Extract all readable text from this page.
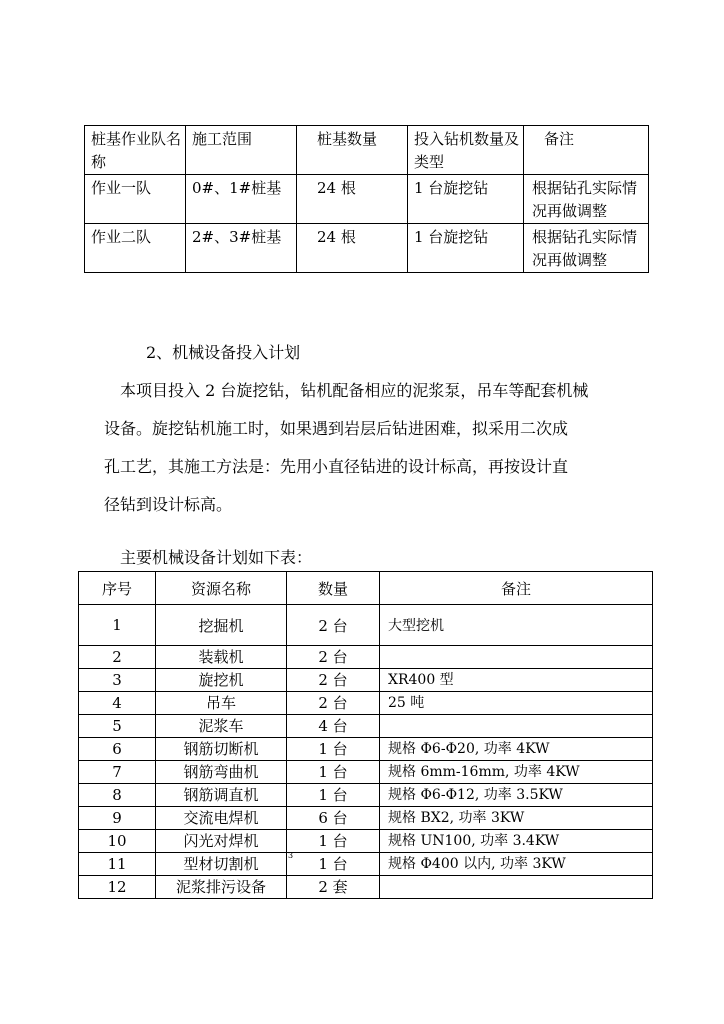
桩基作业队名称	施工范围	桩基数量	投入钻机数量及类型	备注
作业一队	0#、1#桩基	24 根	1 台旋挖钻	根据钻孔实际情况再做调整
作业二队	2#、3#桩基	24 根	1 台旋挖钻	根据钻孔实际情况再做调整
2、机械设备投入计划
本项目投入 2 台旋挖钻，钻机配备相应的泥浆泵，吊车等配套机械
设备。旋挖钻机施工时，如果遇到岩层后钻进困难，拟采用二次成
孔工艺，其施工方法是：先用小直径钻进的设计标高，再按设计直
径钻到设计标高。
主要机械设备计划如下表：
序号	资源名称	数量	备注
1	挖掘机	2 台	大型挖机
2	装载机	2 台	
3	旋挖机	2 台	XR400 型
4	吊车	2 台	25 吨
5	泥浆车	4 台	
6	钢筋切断机	1 台	规格 Φ6-Φ20, 功率 4KW
7	钢筋弯曲机	1 台	规格 6mm-16mm, 功率 4KW
8	钢筋调直机	1 台	规格 Φ6-Φ12, 功率 3.5KW
9	交流电焊机	6 台	规格 BX2, 功率 3KW
10	闪光对焊机	1 台	规格 UN100, 功率 3.4KW
11	型材切割机	1 台	规格 Φ400 以内, 功率 3KW
12	泥浆排污设备	2 套	
3
